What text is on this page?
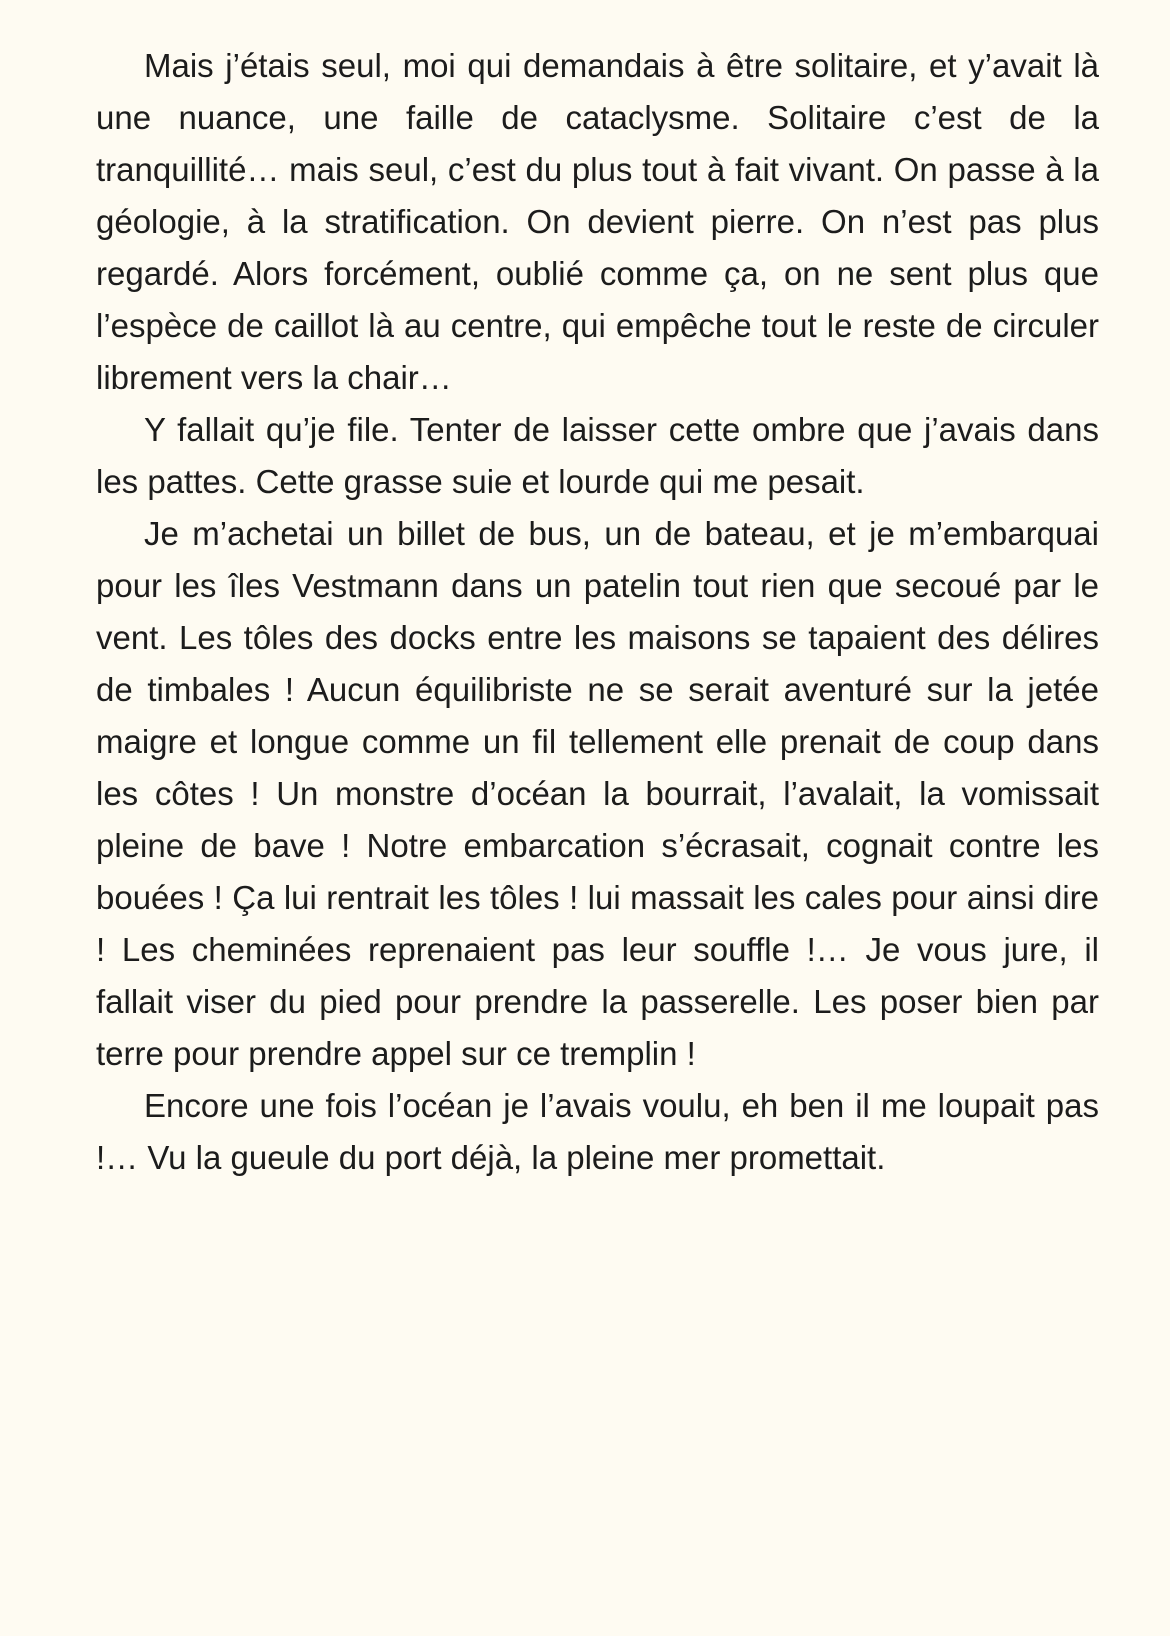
Mais j’étais seul, moi qui demandais à être solitaire, et y’avait là une nuance, une faille de cataclysme. Solitaire c’est de la tranquillité… mais seul, c’est du plus tout à fait vivant. On passe à la géologie, à la stratification. On devient pierre. On n’est pas plus regardé. Alors forcément, oublié comme ça, on ne sent plus que l’espèce de caillot là au centre, qui empêche tout le reste de circuler librement vers la chair…

Y fallait qu’je file. Tenter de laisser cette ombre que j’avais dans les pattes. Cette grasse suie et lourde qui me pesait.

Je m’achetai un billet de bus, un de bateau, et je m’embarquai pour les îles Vestmann dans un patelin tout rien que secoué par le vent. Les tôles des docks entre les maisons se tapaient des délires de timbales ! Aucun équilibriste ne se serait aventuré sur la jetée maigre et longue comme un fil tellement elle prenait de coup dans les côtes ! Un monstre d’océan la bourrait, l’avalait, la vomissait pleine de bave ! Notre embarcation s’écrasait, cognait contre les bouées ! Ça lui rentrait les tôles ! lui massait les cales pour ainsi dire ! Les cheminées reprenaient pas leur souffle !… Je vous jure, il fallait viser du pied pour prendre la passerelle. Les poser bien par terre pour prendre appel sur ce tremplin !

Encore une fois l’océan je l’avais voulu, eh ben il me loupait pas !… Vu la gueule du port déjà, la pleine mer promettait.
